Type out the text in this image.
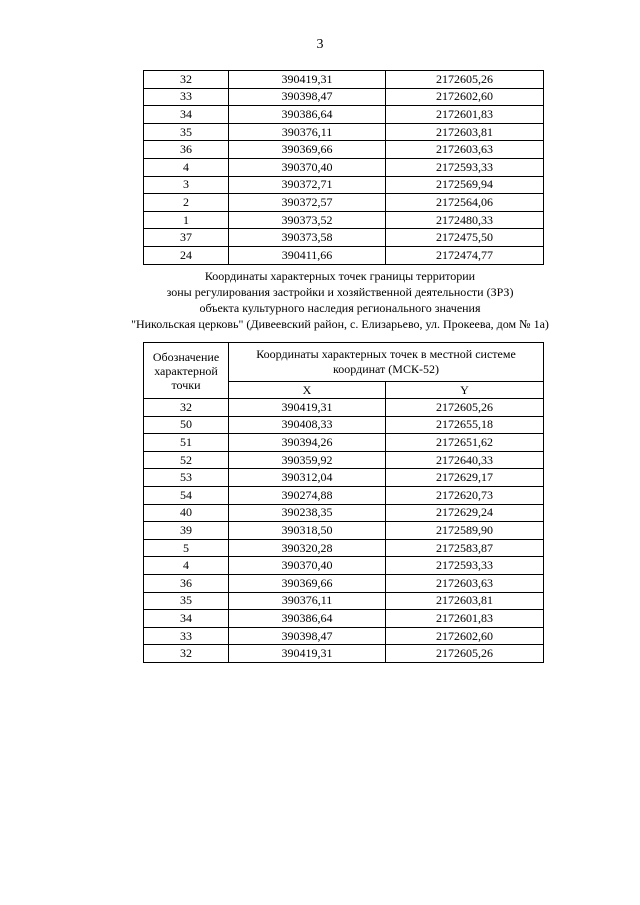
3
32	390419,31	2172605,26
33	390398,47	2172602,60
34	390386,64	2172601,83
35	390376,11	2172603,81
36	390369,66	2172603,63
4	390370,40	2172593,33
3	390372,71	2172569,94
2	390372,57	2172564,06
1	390373,52	2172480,33
37	390373,58	2172475,50
24	390411,66	2172474,77
Координаты характерных точек границы территории
зоны регулирования застройки и хозяйственной деятельности (ЗРЗ)
объекта культурного наследия регионального значения
"Никольская церковь" (Дивеевский район, с. Елизарьево, ул. Прокеева, дом № 1а)
Обозначение характерной точки	Координаты характерных точек в местной системе координат (МСК-52)	
	X	Y
32	390419,31	2172605,26
50	390408,33	2172655,18
51	390394,26	2172651,62
52	390359,92	2172640,33
53	390312,04	2172629,17
54	390274,88	2172620,73
40	390238,35	2172629,24
39	390318,50	2172589,90
5	390320,28	2172583,87
4	390370,40	2172593,33
36	390369,66	2172603,63
35	390376,11	2172603,81
34	390386,64	2172601,83
33	390398,47	2172602,60
32	390419,31	2172605,26
